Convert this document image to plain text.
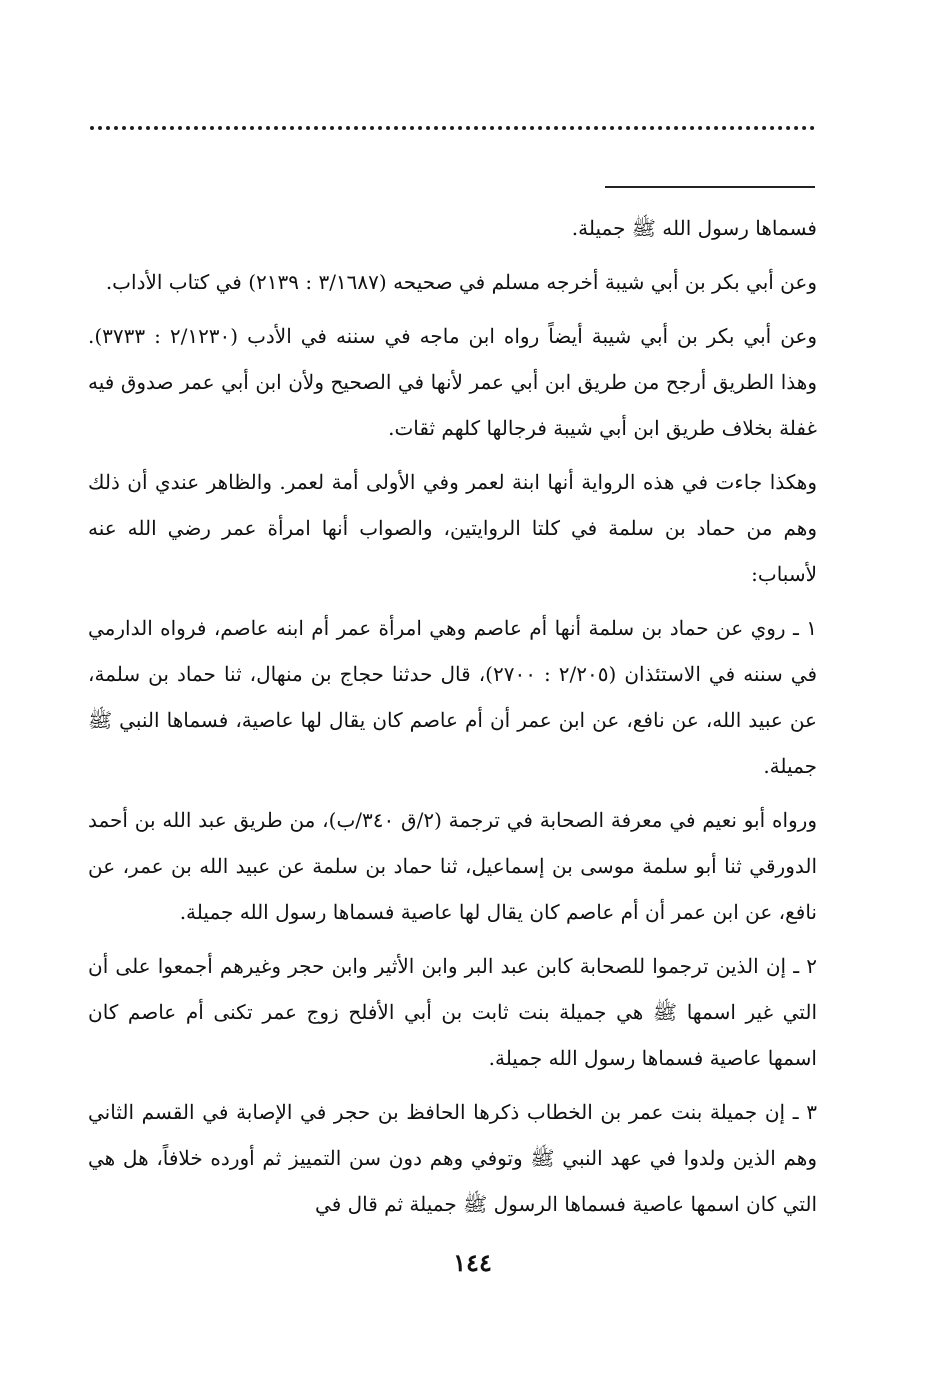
فسماها رسول الله ﷺ جميلة.

وعن أبي بكر بن أبي شيبة أخرجه مسلم في صحيحه (٣/١٦٨٧ : ٢١٣٩) في كتاب الأداب.

وعن أبي بكر بن أبي شيبة أيضاً رواه ابن ماجه في سننه في الأدب (٢/١٢٣٠ : ٣٧٣٣). وهذا الطريق أرجح من طريق ابن أبي عمر لأنها في الصحيح ولأن ابن أبي عمر صدوق فيه غفلة بخلاف طريق ابن أبي شيبة فرجالها كلهم ثقات.

وهكذا جاءت في هذه الرواية أنها ابنة لعمر وفي الأولى أمة لعمر. والظاهر عندي أن ذلك وهم من حماد بن سلمة في كلتا الروايتين، والصواب أنها امرأة عمر رضي الله عنه لأسباب:

١ ـ روي عن حماد بن سلمة أنها أم عاصم وهي امرأة عمر أم ابنه عاصم، فرواه الدارمي في سننه في الاستئذان (٢/٢٠٥ : ٢٧٠٠)، قال حدثنا حجاج بن منهال، ثنا حماد بن سلمة، عن عبيد الله، عن نافع، عن ابن عمر أن أم عاصم كان يقال لها عاصية، فسماها النبي ﷺ جميلة.

ورواه أبو نعيم في معرفة الصحابة في ترجمة (٢/ق ٣٤٠/ب)، من طريق عبد الله بن أحمد الدورقي ثنا أبو سلمة موسى بن إسماعيل، ثنا حماد بن سلمة عن عبيد الله بن عمر، عن نافع، عن ابن عمر أن أم عاصم كان يقال لها عاصية فسماها رسول الله جميلة.

٢ ـ إن الذين ترجموا للصحابة كابن عبد البر وابن الأثير وابن حجر وغيرهم أجمعوا على أن التي غير اسمها ﷺ هي جميلة بنت ثابت بن أبي الأفلح زوج عمر تكنى أم عاصم كان اسمها عاصية فسماها رسول الله جميلة.

٣ ـ إن جميلة بنت عمر بن الخطاب ذكرها الحافظ بن حجر في الإصابة في القسم الثاني وهم الذين ولدوا في عهد النبي ﷺ وتوفي وهم دون سن التمييز ثم أورده خلافاً، هل هي التي كان اسمها عاصية فسماها الرسول ﷺ جميلة ثم قال في

١٤٤
